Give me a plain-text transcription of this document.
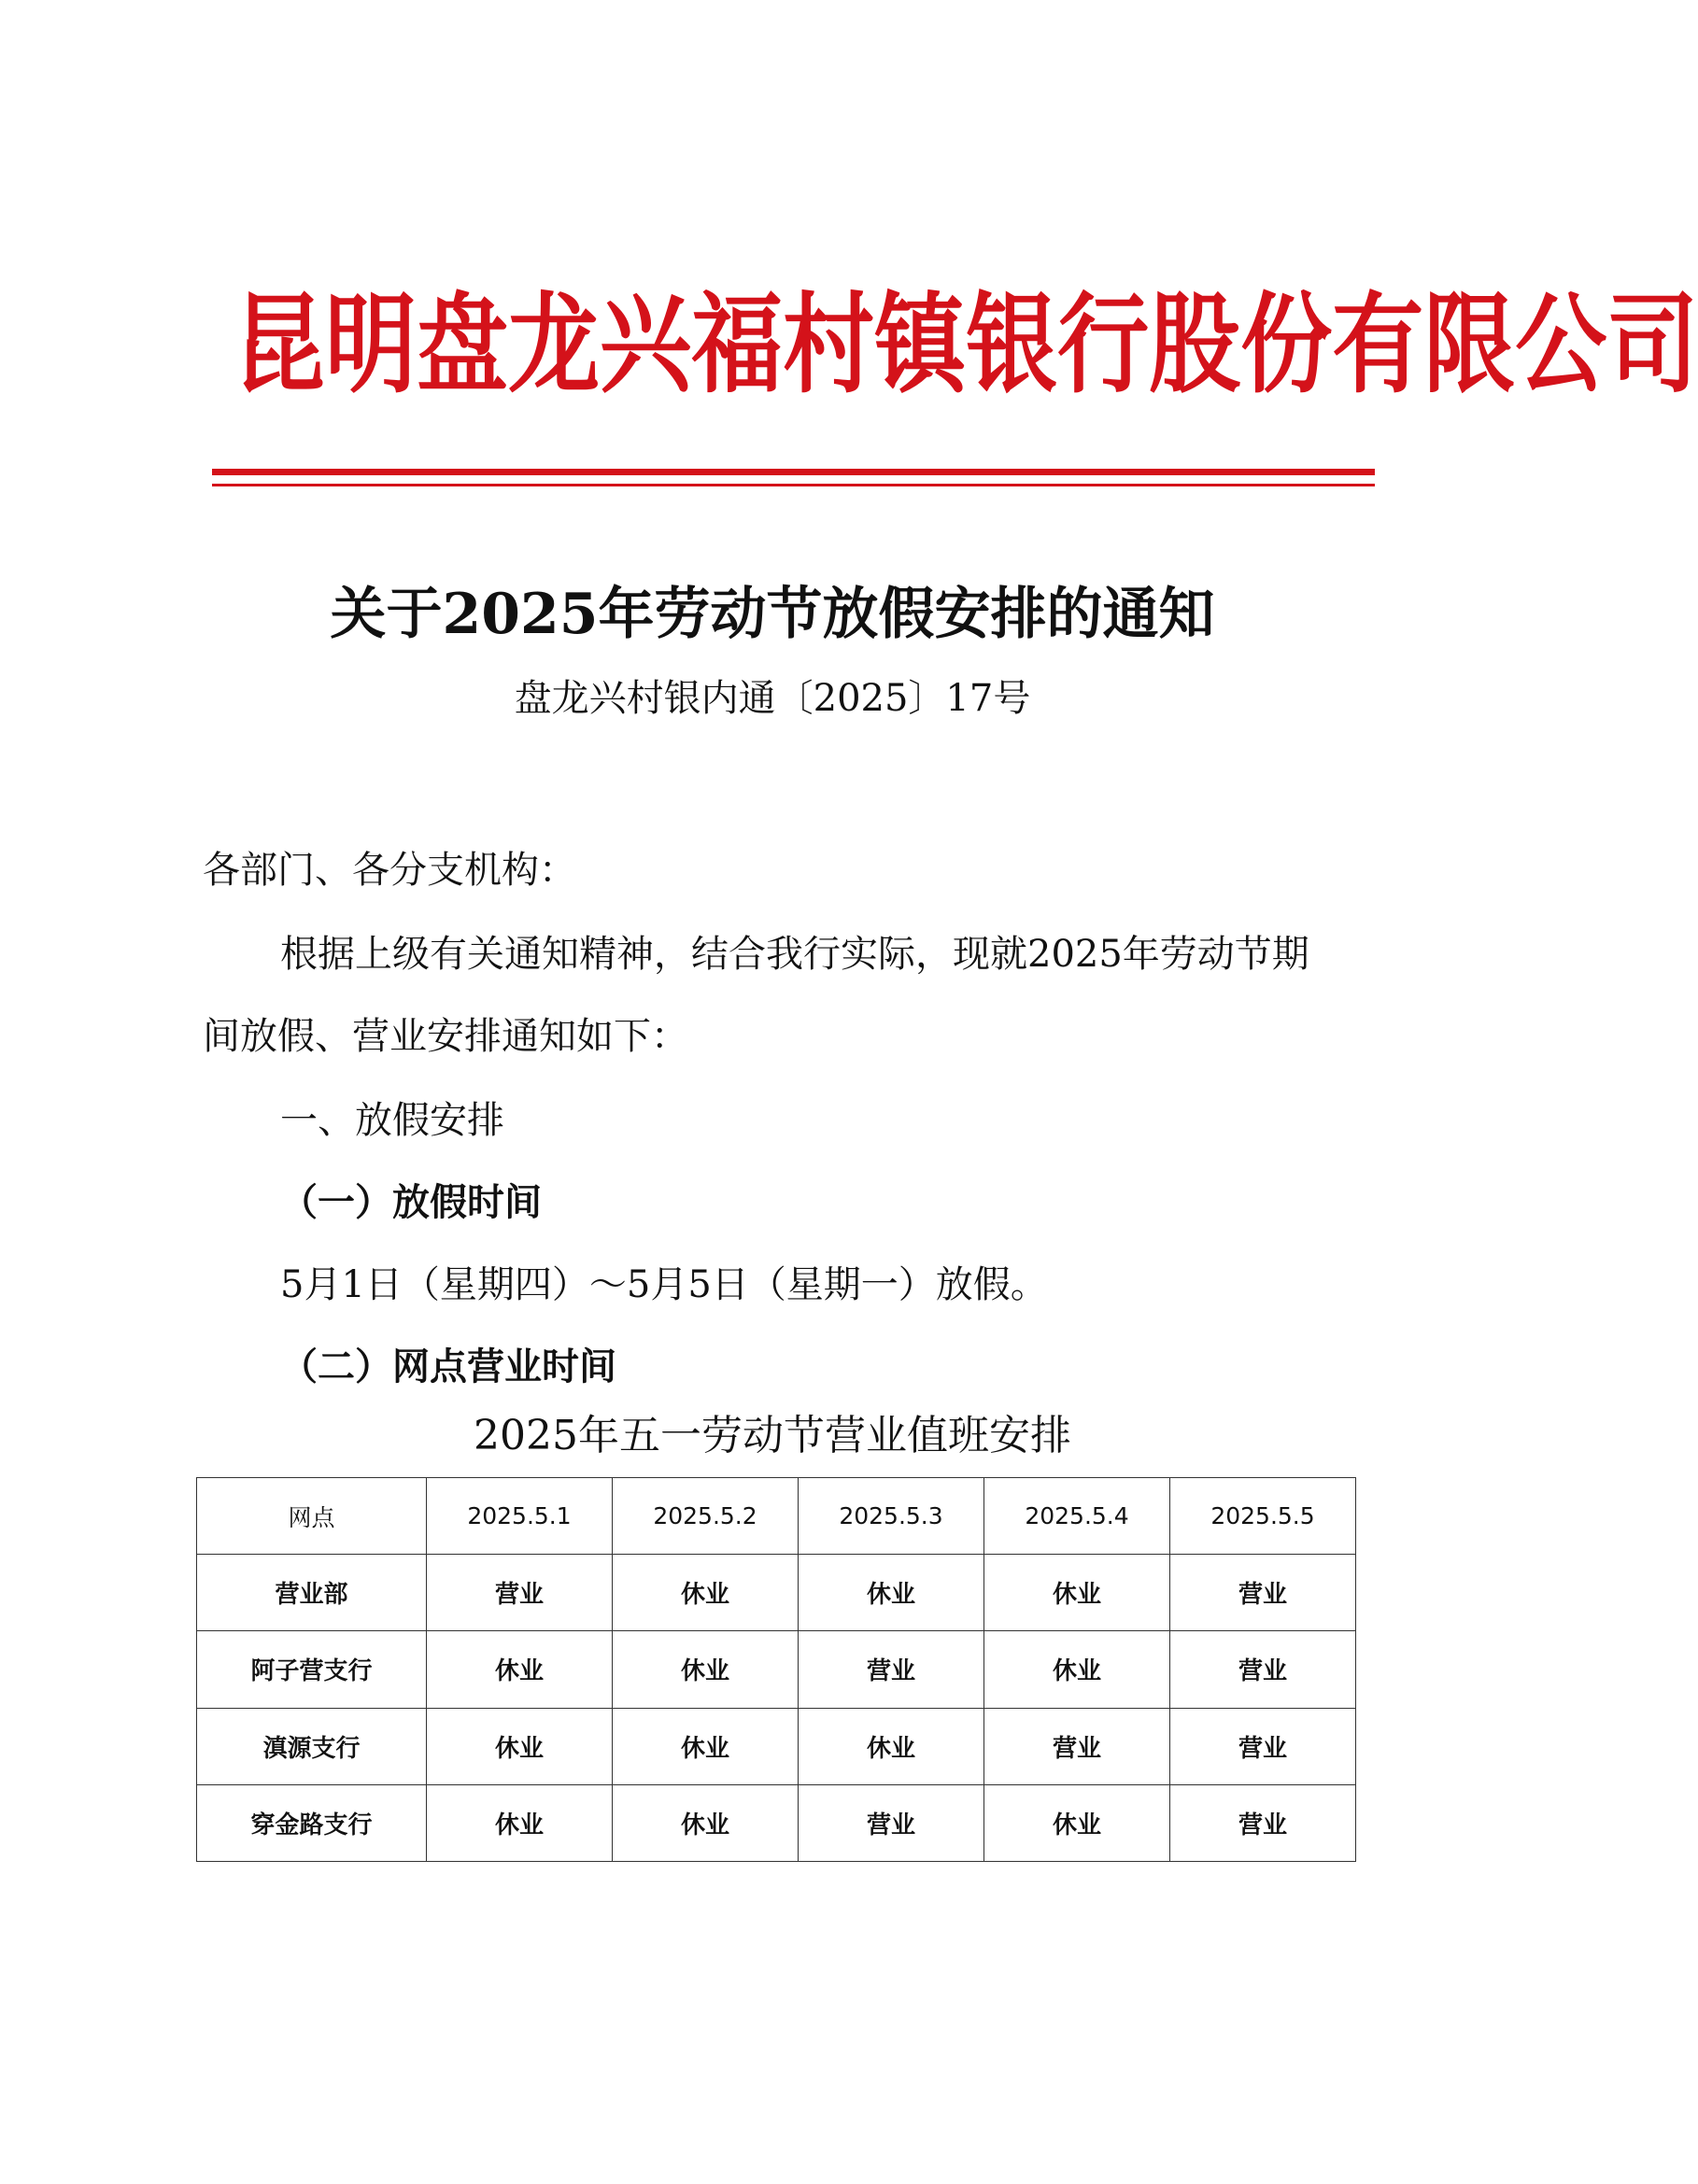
昆 明 盘 龙 兴 福 村 镇 银 行 股 份 有 限 公 司
关于2025年劳动节放假安排的通知
盘龙兴村银内通〔2025〕17号
各部门、各分支机构：
根据上级有关通知精神，结合我行实际，现就2025年劳动节期
间放假、营业安排通知如下：
一、放假安排
（一）放假时间
5月1日（星期四）～5月5日（星期一）放假。
（二）网点营业时间
2025年五一劳动节营业值班安排
网点	2025.5.1	2025.5.2	2025.5.3	2025.5.4	2025.5.5
营业部	营业	休业	休业	休业	营业
阿子营支行	休业	休业	营业	休业	营业
滇源支行	休业	休业	休业	营业	营业
穿金路支行	休业	休业	营业	休业	营业
